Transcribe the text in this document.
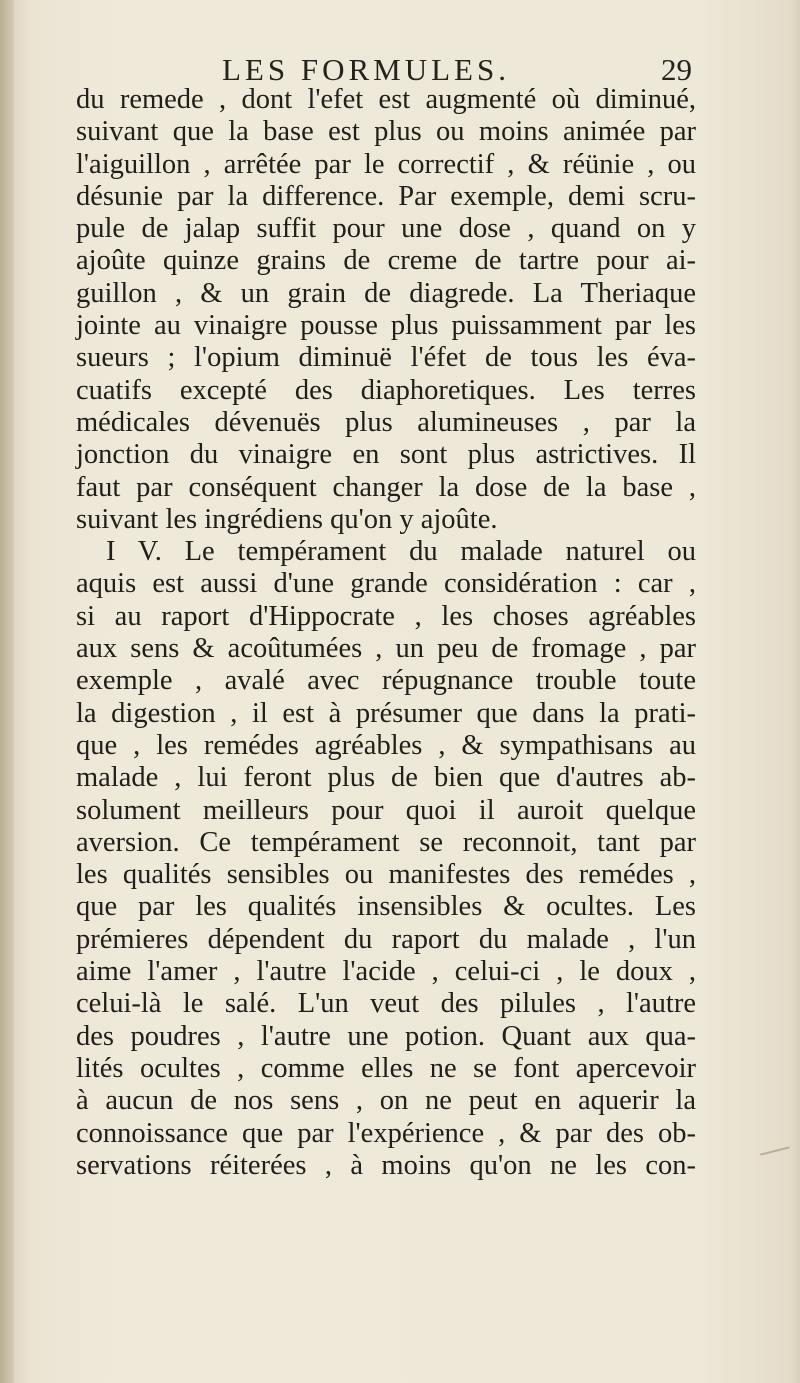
LES FORMULES.	29
du remede , dont l'efet est augmenté où diminué,
suivant que la base est plus ou moins animée par
l'aiguillon , arrêtée par le correctif , & réünie , ou
désunie par la difference. Par exemple, demi scru-
pule de jalap suffit pour une dose , quand on y
ajoûte quinze grains de creme de tartre pour ai-
guillon , & un grain de diagrede. La Theriaque
jointe au vinaigre pousse plus puissamment par les
sueurs ; l'opium diminuë l'éfet de tous les éva-
cuatifs excepté des diaphoretiques. Les terres
médicales dévenuës plus alumineuses , par la
jonction du vinaigre en sont plus astrictives. Il
faut par conséquent changer la dose de la base ,
suivant les ingrédiens qu'on y ajoûte.
I V. Le tempérament du malade naturel ou
aquis est aussi d'une grande considération : car ,
si au raport d'Hippocrate , les choses agréables
aux sens & acoûtumées , un peu de fromage , par
exemple , avalé avec répugnance trouble toute
la digestion , il est à présumer que dans la prati-
que , les remédes agréables , & sympathisans au
malade , lui feront plus de bien que d'autres ab-
solument meilleurs pour quoi il auroit quelque
aversion. Ce tempérament se reconnoit, tant par
les qualités sensibles ou manifestes des remédes ,
que par les qualités insensibles & ocultes. Les
prémieres dépendent du raport du malade , l'un
aime l'amer , l'autre l'acide , celui-ci , le doux ,
celui-là le salé. L'un veut des pilules , l'autre
des poudres , l'autre une potion. Quant aux qua-
lités ocultes , comme elles ne se font apercevoir
à aucun de nos sens , on ne peut en aquerir la
connoissance que par l'expérience , & par des ob-
servations réiterées , à moins qu'on ne les con-
